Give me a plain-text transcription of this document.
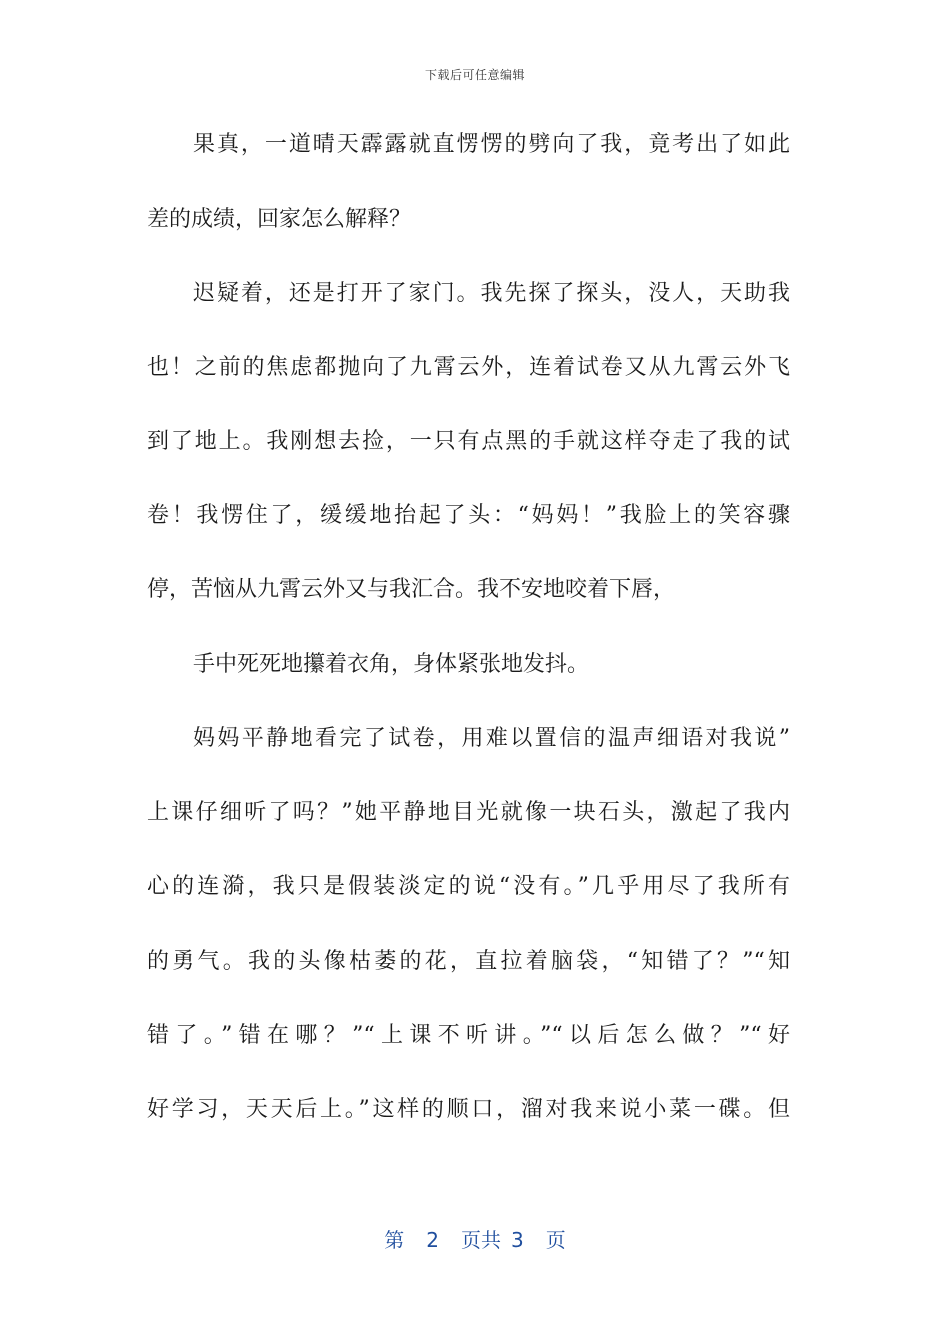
下载后可任意编辑
果真，一道晴天霹露就直愣愣的劈向了我，竟考出了如此
差的成绩，回家怎么解释？
迟疑着，还是打开了家门。我先探了探头，没人，天助我
也！之前的焦虑都抛向了九霄云外，连着试卷又从九霄云外飞
到了地上。我刚想去捡，一只有点黑的手就这样夺走了我的试
卷！我愣住了，缓缓地抬起了头：“妈妈！”我脸上的笑容骤
停，苦恼从九霄云外又与我汇合。我不安地咬着下唇，
手中死死地攥着衣角，身体紧张地发抖。
妈妈平静地看完了试卷，用难以置信的温声细语对我说”
上课仔细听了吗？”她平静地目光就像一块石头，激起了我内
心的连漪，我只是假装淡定的说“没有。”几乎用尽了我所有
的勇气。我的头像枯萎的花，直拉着脑袋，“知错了？”“知
错了。”错在哪？”“上课不听讲。”“以后怎么做？”“好
好学习，天天后上。”这样的顺口，溜对我来说小菜一碟。但
第 2 页共 3 页
